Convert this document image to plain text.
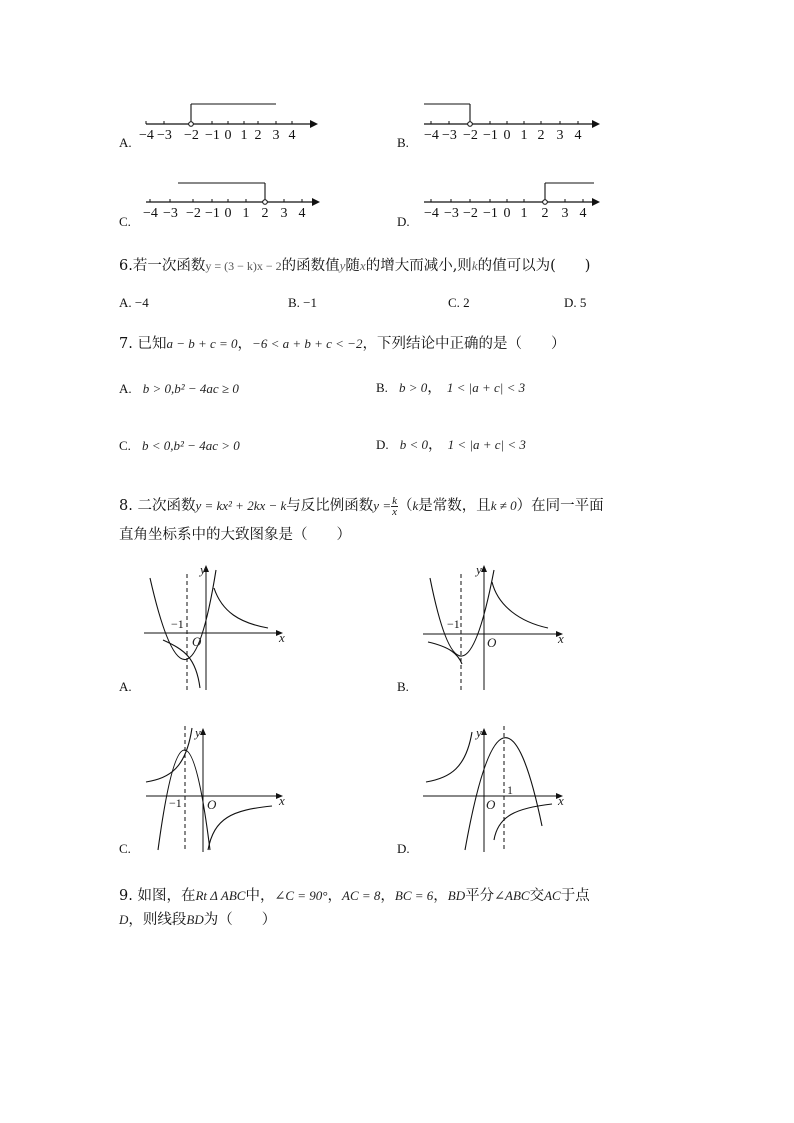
A. −4 −3 −2 −1 0 1 2 3 4	B. −4 −3 −2 −1 0 1 2 3 4
C.
−4 −3 −2 −1 0 1 2 3 4
D.
−4 −3 −2 −1 0 1 2 3 4
6.若一次函数y = (3 − k)x − 2的函数值y随x的增大而减小,则k的值可以为(　　)
A. −4	B. −1	C. 2	D. 5
7. 已知a − b + c = 0，−6 < a + b + c < −2，下列结论中正确的是（　　）
A. b > 0,b² − 4ac ≥ 0	B. b > 0， 1 < |a + c| < 3
C. b < 0,b² − 4ac > 0	D. b < 0， 1 < |a + c| < 3
8. 二次函数y = kx² + 2kx − k与反比例函数$y = \frac{k}{x} (k$是常数，且k ≠ 0）在同一平面
直角坐标系中的大致图象是（　　）
−1
y
x
O
A.
−1
y
x
O
B.
−1
y
x
O
C.
y
x
O
1
D.
9. 如图，在Rt Δ ABC中，∠C = 90°，AC = 8，BC = 6，BD平分∠ABC交AC于点
D，则线段BD为（　　）
